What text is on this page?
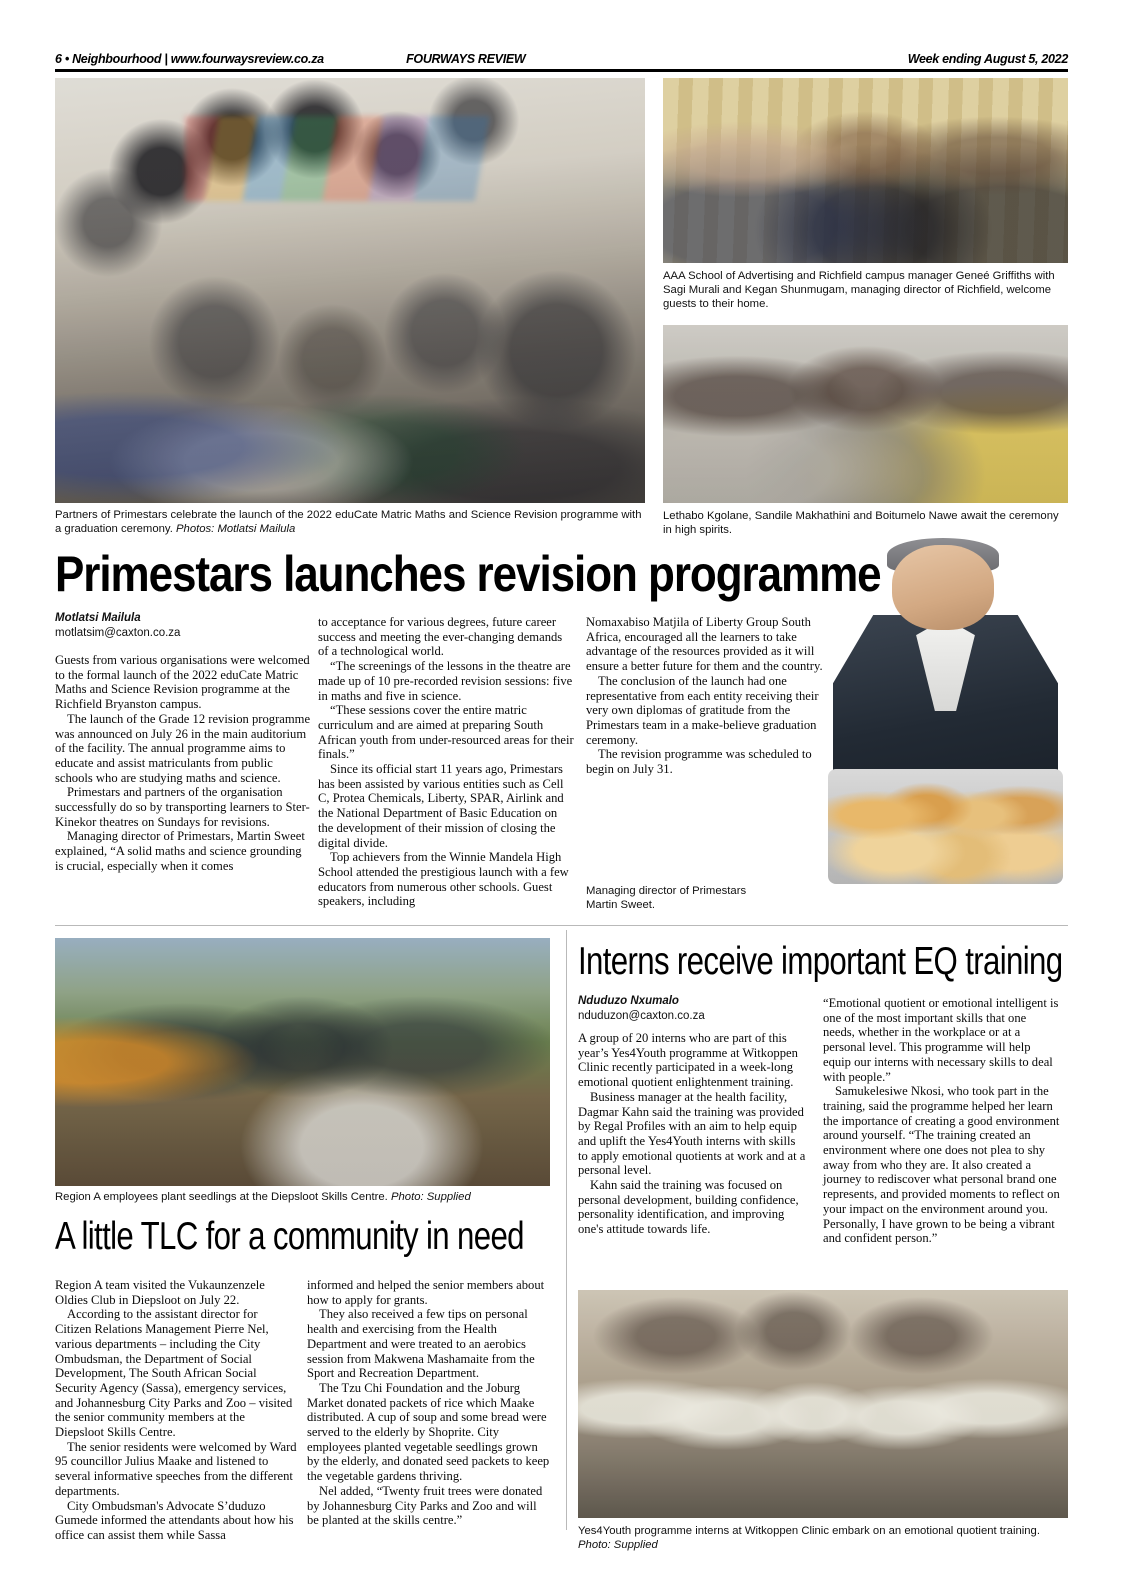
6 • Neighbourhood | www.fourwaysreview.co.za	FOURWAYS REVIEW	Week ending August 5, 2022
Partners of Primestars celebrate the launch of the 2022 eduCate Matric Maths and Science Revision programme with a graduation ceremony. Photos: Motlatsi Mailula
AAA School of Advertising and Richfield campus manager Geneé Griffiths with Sagi Murali and Kegan Shunmugam, managing director of Richfield, welcome guests to their home.
Lethabo Kgolane, Sandile Makhathini and Boitumelo Nawe await the ceremony in high spirits.
Managing director of Primestars Martin Sweet.
Region A employees plant seedlings at the Diepsloot Skills Centre. Photo: Supplied
Yes4Youth programme interns at Witkoppen Clinic embark on an emotional quotient training. Photo: Supplied
Primestars launches revision programme
Motlatsi Mailula
motlatsim@caxton.co.za

Guests from various organisations were welcomed to the formal launch of the 2022 eduCate Matric Maths and Science Revision programme at the Richfield Bryanston campus.

The launch of the Grade 12 revision programme was announced on July 26 in the main auditorium of the facility. The annual programme aims to educate and assist matriculants from public schools who are studying maths and science.

Primestars and partners of the organisation successfully do so by transporting learners to Ster-Kinekor theatres on Sundays for revisions.

Managing director of Primestars, Martin Sweet explained, “A solid maths and science grounding is crucial, especially when it comes

to acceptance for various degrees, future career success and meeting the ever-changing demands of a technological world.

“The screenings of the lessons in the theatre are made up of 10 pre-recorded revision sessions: five in maths and five in science.

“These sessions cover the entire matric curriculum and are aimed at preparing South African youth from under-resourced areas for their finals.”

Since its official start 11 years ago, Primestars has been assisted by various entities such as Cell C, Protea Chemicals, Liberty, SPAR, Airlink and the National Department of Basic Education on the development of their mission of closing the digital divide.

Top achievers from the Winnie Mandela High School attended the prestigious launch with a few educators from numerous other schools. Guest speakers, including

Nomaxabiso Matjila of Liberty Group South Africa, encouraged all the learners to take advantage of the resources provided as it will ensure a better future for them and the country.

The conclusion of the launch had one representative from each entity receiving their very own diplomas of gratitude from the Primestars team in a make-believe graduation ceremony.

The revision programme was scheduled to begin on July 31.

Interns receive important EQ training
Nduduzo Nxumalo
nduduzon@caxton.co.za

A group of 20 interns who are part of this year’s Yes4Youth programme at Witkoppen Clinic recently participated in a week-long emotional quotient enlightenment training.

Business manager at the health facility, Dagmar Kahn said the training was provided by Regal Profiles with an aim to help equip and uplift the Yes4Youth interns with skills to apply emotional quotients at work and at a personal level.

Kahn said the training was focused on personal development, building confidence, personality identification, and improving one's attitude towards life.

“Emotional quotient or emotional intelligent is one of the most important skills that one needs, whether in the workplace or at a personal level. This programme will help equip our interns with necessary skills to deal with people.”

Samukelesiwe Nkosi, who took part in the training, said the programme helped her learn the importance of creating a good environment around yourself. “The training created an environment where one does not plea to shy away from who they are. It also created a journey to rediscover what personal brand one represents, and provided moments to reflect on your impact on the environment around you. Personally, I have grown to be being a vibrant and confident person.”

A little TLC for a community in need

Region A team visited the Vukaunzenzele Oldies Club in Diepsloot on July 22.

According to the assistant director for Citizen Relations Management Pierre Nel, various departments – including the City Ombudsman, the Department of Social Development, The South African Social Security Agency (Sassa), emergency services, and Johannesburg City Parks and Zoo – visited the senior community members at the Diepsloot Skills Centre.

The senior residents were welcomed by Ward 95 councillor Julius Maake and listened to several informative speeches from the different departments.

City Ombudsman's Advocate S’duduzo Gumede informed the attendants about how his office can assist them while Sassa

informed and helped the senior members about how to apply for grants.

They also received a few tips on personal health and exercising from the Health Department and were treated to an aerobics session from Makwena Mashamaite from the Sport and Recreation Department.

The Tzu Chi Foundation and the Joburg Market donated packets of rice which Maake distributed. A cup of soup and some bread were served to the elderly by Shoprite. City employees planted vegetable seedlings grown by the elderly, and donated seed packets to keep the vegetable gardens thriving.

Nel added, “Twenty fruit trees were donated by Johannesburg City Parks and Zoo and will be planted at the skills centre.”
